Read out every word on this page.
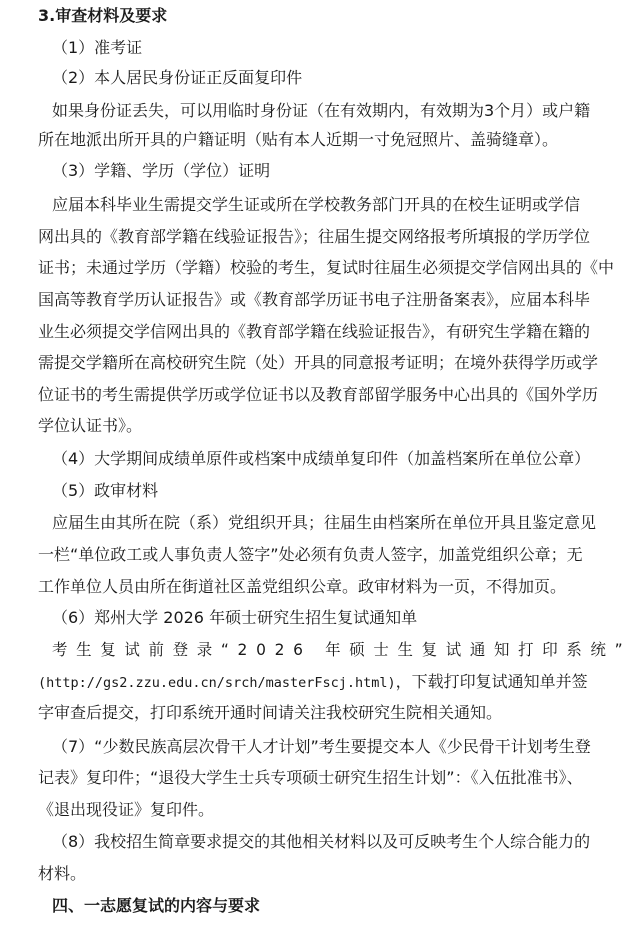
3.审查材料及要求
（1）准考证
（2）本人居民身份证正反面复印件
如果身份证丢失，可以用临时身份证（在有效期内，有效期为3个月）或户籍
所在地派出所开具的户籍证明（贴有本人近期一寸免冠照片、盖骑缝章）。
（3）学籍、学历（学位）证明
应届本科毕业生需提交学生证或所在学校教务部门开具的在校生证明或学信
网出具的《教育部学籍在线验证报告》；往届生提交网络报考所填报的学历学位
证书；未通过学历（学籍）校验的考生，复试时往届生必须提交学信网出具的《中
国高等教育学历认证报告》或《教育部学历证书电子注册备案表》，应届本科毕
业生必须提交学信网出具的《教育部学籍在线验证报告》，有研究生学籍在籍的
需提交学籍所在高校研究生院（处）开具的同意报考证明；在境外获得学历或学
位证书的考生需提供学历或学位证书以及教育部留学服务中心出具的《国外学历
学位认证书》。
（4）大学期间成绩单原件或档案中成绩单复印件（加盖档案所在单位公章）
（5）政审材料
应届生由其所在院（系）党组织开具；往届生由档案所在单位开具且鉴定意见
一栏“单位政工或人事负责人签字”处必须有负责人签字，加盖党组织公章；无
工作单位人员由所在街道社区盖党组织公章。政审材料为一页，不得加页。
（6）郑州大学 2026 年硕士研究生招生复试通知单
考生复试前登录“2026 年硕士生复试通知打印系统”
(http://gs2.zzu.edu.cn/srch/masterFscj.html)，下载打印复试通知单并签
字审查后提交，打印系统开通时间请关注我校研究生院相关通知。
（7）“少数民族高层次骨干人才计划”考生要提交本人《少民骨干计划考生登
记表》复印件；“退役大学生士兵专项硕士研究生招生计划”：《入伍批准书》、
《退出现役证》复印件。
（8）我校招生简章要求提交的其他相关材料以及可反映考生个人综合能力的
材料。
四、一志愿复试的内容与要求
